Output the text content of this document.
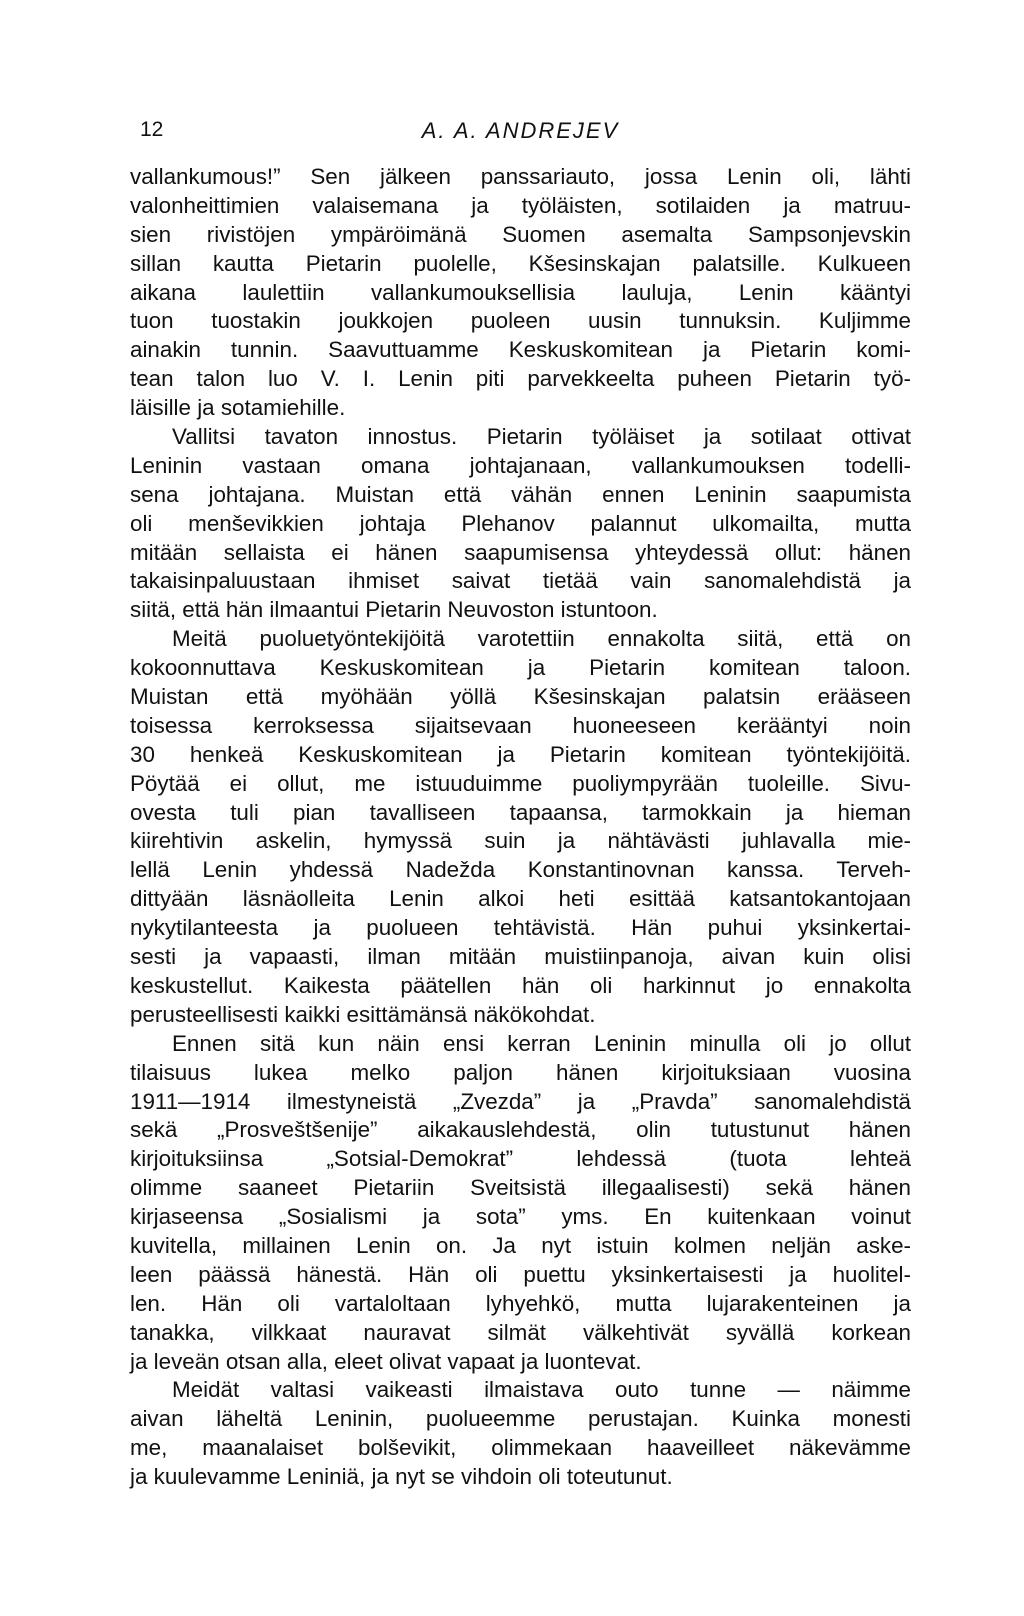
12	A. A. ANDREJEV
vallankumous!” Sen jälkeen panssariauto, jossa Lenin oli, lähti
valonheittimien valaisemana ja työläisten, sotilaiden ja matruu-
sien rivistöjen ympäröimänä Suomen asemalta Sampsonjevskin
sillan kautta Pietarin puolelle, Kšesinskajan palatsille. Kulkueen
aikana laulettiin vallankumouksellisia lauluja, Lenin kääntyi
tuon tuostakin joukkojen puoleen uusin tunnuksin. Kuljimme
ainakin tunnin. Saavuttuamme Keskuskomitean ja Pietarin komi-
tean talon luo V. I. Lenin piti parvekkeelta puheen Pietarin työ-
läisille ja sotamiehille.
Vallitsi tavaton innostus. Pietarin työläiset ja sotilaat ottivat
Leninin vastaan omana johtajanaan, vallankumouksen todelli-
sena johtajana. Muistan että vähän ennen Leninin saapumista
oli menševikkien johtaja Plehanov palannut ulkomailta, mutta
mitään sellaista ei hänen saapumisensa yhteydessä ollut: hänen
takaisinpaluustaan ihmiset saivat tietää vain sanomalehdistä ja
siitä, että hän ilmaantui Pietarin Neuvoston istuntoon.
Meitä puoluetyöntekijöitä varotettiin ennakolta siitä, että on
kokoonnuttava Keskuskomitean ja Pietarin komitean taloon.
Muistan että myöhään yöllä Kšesinskajan palatsin erääseen
toisessa kerroksessa sijaitsevaan huoneeseen kerääntyi noin
30 henkeä Keskuskomitean ja Pietarin komitean työntekijöitä.
Pöytää ei ollut, me istuuduimme puoliympyrään tuoleille. Sivu-
ovesta tuli pian tavalliseen tapaansa, tarmokkain ja hieman
kiirehtivin askelin, hymyssä suin ja nähtävästi juhlavalla mie-
lellä Lenin yhdessä Nadežda Konstantinovnan kanssa. Terveh-
dittyään läsnäolleita Lenin alkoi heti esittää katsantokantojaan
nykytilanteesta ja puolueen tehtävistä. Hän puhui yksinkertai-
sesti ja vapaasti, ilman mitään muistiinpanoja, aivan kuin olisi
keskustellut. Kaikesta päätellen hän oli harkinnut jo ennakolta
perusteellisesti kaikki esittämänsä näkökohdat.
Ennen sitä kun näin ensi kerran Leninin minulla oli jo ollut
tilaisuus lukea melko paljon hänen kirjoituksiaan vuosina
1911—1914 ilmestyneistä „Zvezda” ja „Pravda” sanomalehdistä
sekä „Prosveštšenije” aikakauslehdestä, olin tutustunut hänen
kirjoituksiinsa „Sotsial-Demokrat” lehdessä (tuota lehteä
olimme saaneet Pietariin Sveitsistä illegaalisesti) sekä hänen
kirjaseensa „Sosialismi ja sota” yms. En kuitenkaan voinut
kuvitella, millainen Lenin on. Ja nyt istuin kolmen neljän aske-
leen päässä hänestä. Hän oli puettu yksinkertaisesti ja huolitel-
len. Hän oli vartaloltaan lyhyehkö, mutta lujarakenteinen ja
tanakka, vilkkaat nauravat silmät välkehtivät syvällä korkean
ja leveän otsan alla, eleet olivat vapaat ja luontevat.
Meidät valtasi vaikeasti ilmaistava outo tunne — näimme
aivan läheltä Leninin, puolueemme perustajan. Kuinka monesti
me, maanalaiset bolševikit, olimmekaan haaveilleet näkevämme
ja kuulevamme Leniniä, ja nyt se vihdoin oli toteutunut.
